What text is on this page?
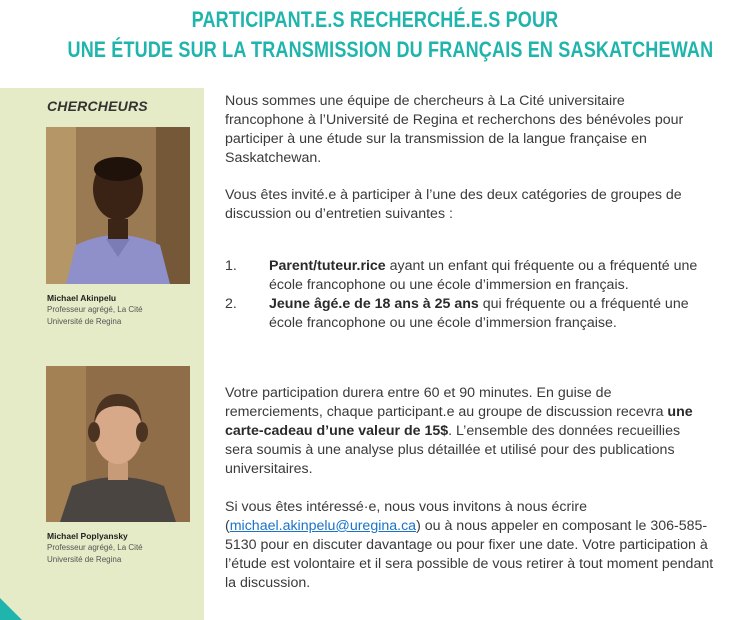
PARTICIPANT.E.S RECHERCHÉ.E.S POUR
UNE ÉTUDE SUR LA TRANSMISSION DU FRANÇAIS EN SASKATCHEWAN
CHERCHEURS
Michael Akinpelu
Professeur agrégé, La Cité
Université de Regina
Michael Poplyansky
Professeur agrégé, La Cité
Université de Regina

Nous sommes une équipe de chercheurs à La Cité universitaire francophone à l’Université de Regina et recherchons des bénévoles pour participer à une étude sur la transmission de la langue française en Saskatchewan.

Vous êtes invité.e à participer à l’une des deux catégories de groupes de discussion ou d’entretien suivantes :

1. Parent/tuteur.rice ayant un enfant qui fréquente ou a fréquenté une école francophone ou une école d’immersion en français.
2. Jeune âgé.e de 18 ans à 25 ans qui fréquente ou a fréquenté une école francophone ou une école d’immersion française.

Votre participation durera entre 60 et 90 minutes. En guise de remerciements, chaque participant.e au groupe de discussion recevra une carte-cadeau d’une valeur de 15$. L’ensemble des données recueillies sera soumis à une analyse plus détaillée et utilisé pour des publications universitaires.

Si vous êtes intéressé·e, nous vous invitons à nous écrire (michael.akinpelu@uregina.ca) ou à nous appeler en composant le 306-585-5130 pour en discuter davantage ou pour fixer une date. Votre participation à l’étude est volontaire et il sera possible de vous retirer à tout moment pendant la discussion.
